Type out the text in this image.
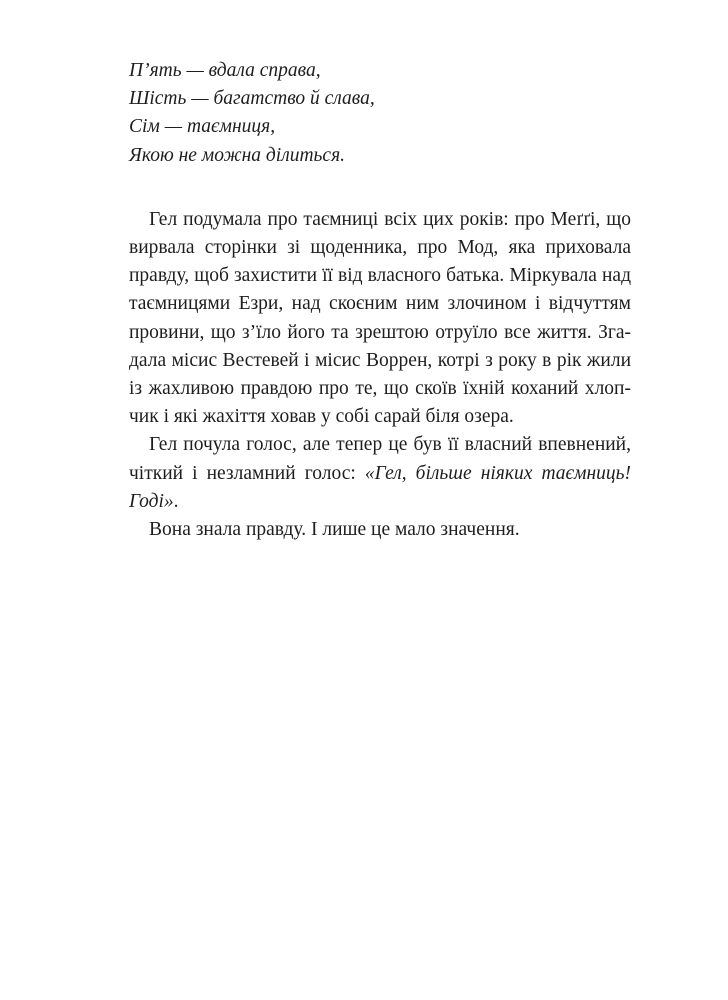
П’ять — вдала справа,
Шість — багатство й слава,
Сім — таємниця,
Якою не можна ділиться.
Гел подумала про таємниці всіх цих років: про Меґґі, що
вирвала сторінки зі щоденника, про Мод, яка приховала
правду, щоб захистити її від власного батька. Міркувала над
таємницями Езри, над скоєним ним злочином і відчуттям
провини, що з’їло його та зрештою отруїло все життя. Зга-
дала місис Вестевей і місис Воррен, котрі з року в рік жили
із жахливою правдою про те, що скоїв їхній коханий хлоп-
чик і які жахіття ховав у собі сарай біля озера.
Гел почула голос, але тепер це був її власний впевнений,
чіткий і незламний голос: «Гел, більше ніяких таємниць!
Годі».
Вона знала правду. І лише це мало значення.
